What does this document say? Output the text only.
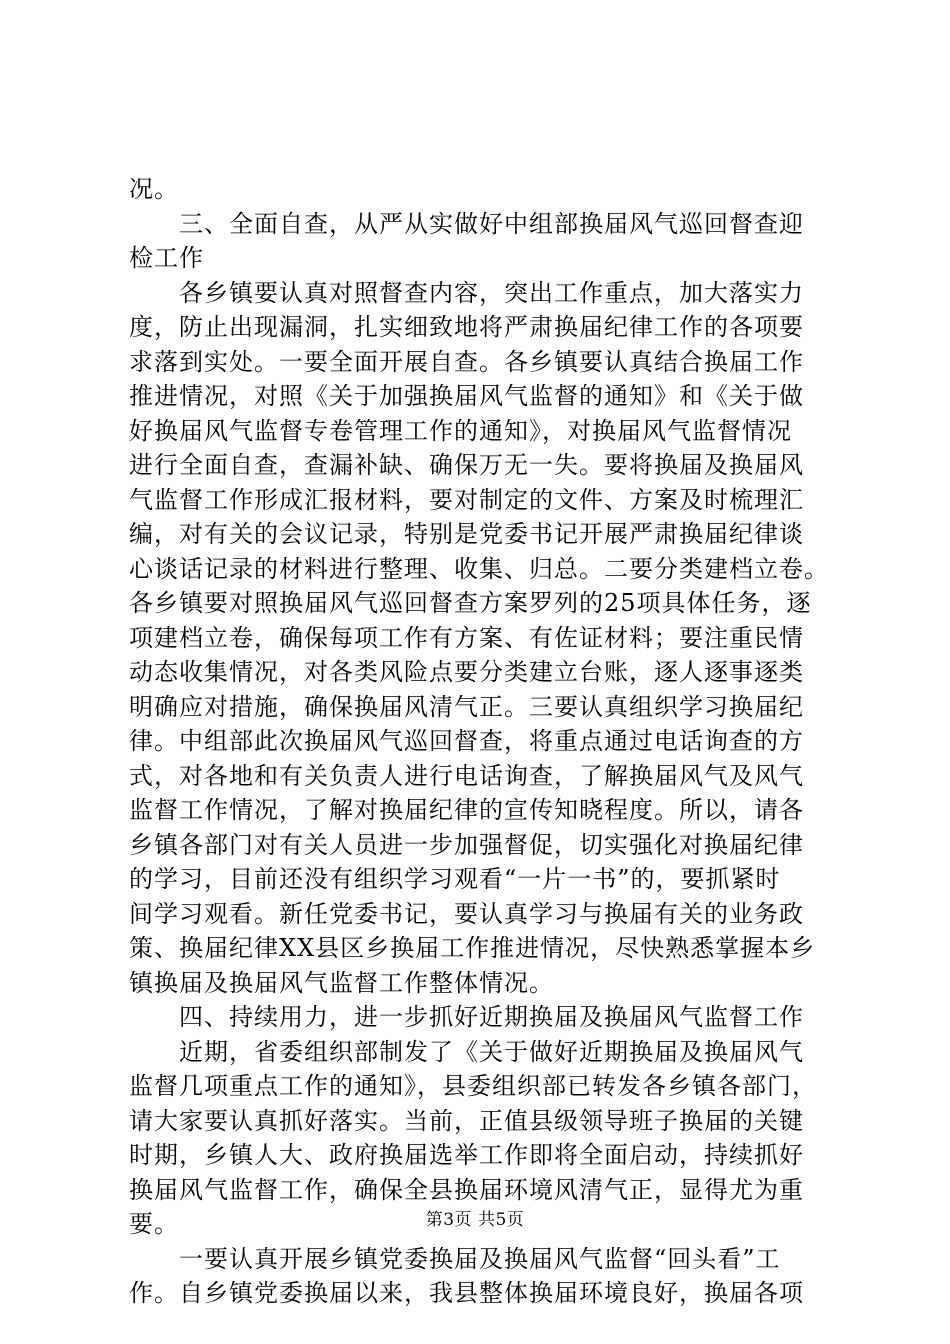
况。
　　三、全面自查，从严从实做好中组部换届风气巡回督查迎
检工作
　　各乡镇要认真对照督查内容，突出工作重点，加大落实力
度，防止出现漏洞，扎实细致地将严肃换届纪律工作的各项要
求落到实处。一要全面开展自查。各乡镇要认真结合换届工作
推进情况，对照《关于加强换届风气监督的通知》和《关于做
好换届风气监督专卷管理工作的通知》，对换届风气监督情况
进行全面自查，查漏补缺、确保万无一失。要将换届及换届风
气监督工作形成汇报材料，要对制定的文件、方案及时梳理汇
编，对有关的会议记录，特别是党委书记开展严肃换届纪律谈
心谈话记录的材料进行整理、收集、归总。二要分类建档立卷。
各乡镇要对照换届风气巡回督查方案罗列的25项具体任务，逐
项建档立卷，确保每项工作有方案、有佐证材料；要注重民情
动态收集情况，对各类风险点要分类建立台账，逐人逐事逐类
明确应对措施，确保换届风清气正。三要认真组织学习换届纪
律。中组部此次换届风气巡回督查，将重点通过电话询查的方
式，对各地和有关负责人进行电话询查，了解换届风气及风气
监督工作情况，了解对换届纪律的宣传知晓程度。所以，请各
乡镇各部门对有关人员进一步加强督促，切实强化对换届纪律
的学习，目前还没有组织学习观看“一片一书”的，要抓紧时
间学习观看。新任党委书记，要认真学习与换届有关的业务政
策、换届纪律XX县区乡换届工作推进情况，尽快熟悉掌握本乡
镇换届及换届风气监督工作整体情况。
　　四、持续用力，进一步抓好近期换届及换届风气监督工作
　　近期，省委组织部制发了《关于做好近期换届及换届风气
监督几项重点工作的通知》，县委组织部已转发各乡镇各部门，
请大家要认真抓好落实。当前，正值县级领导班子换届的关键
时期，乡镇人大、政府换届选举工作即将全面启动，持续抓好
换届风气监督工作，确保全县换届环境风清气正，显得尤为重
要。
　　一要认真开展乡镇党委换届及换届风气监督“回头看”工
作。自乡镇党委换届以来，我县整体换届环境良好，换届各项
第3页 共5页
